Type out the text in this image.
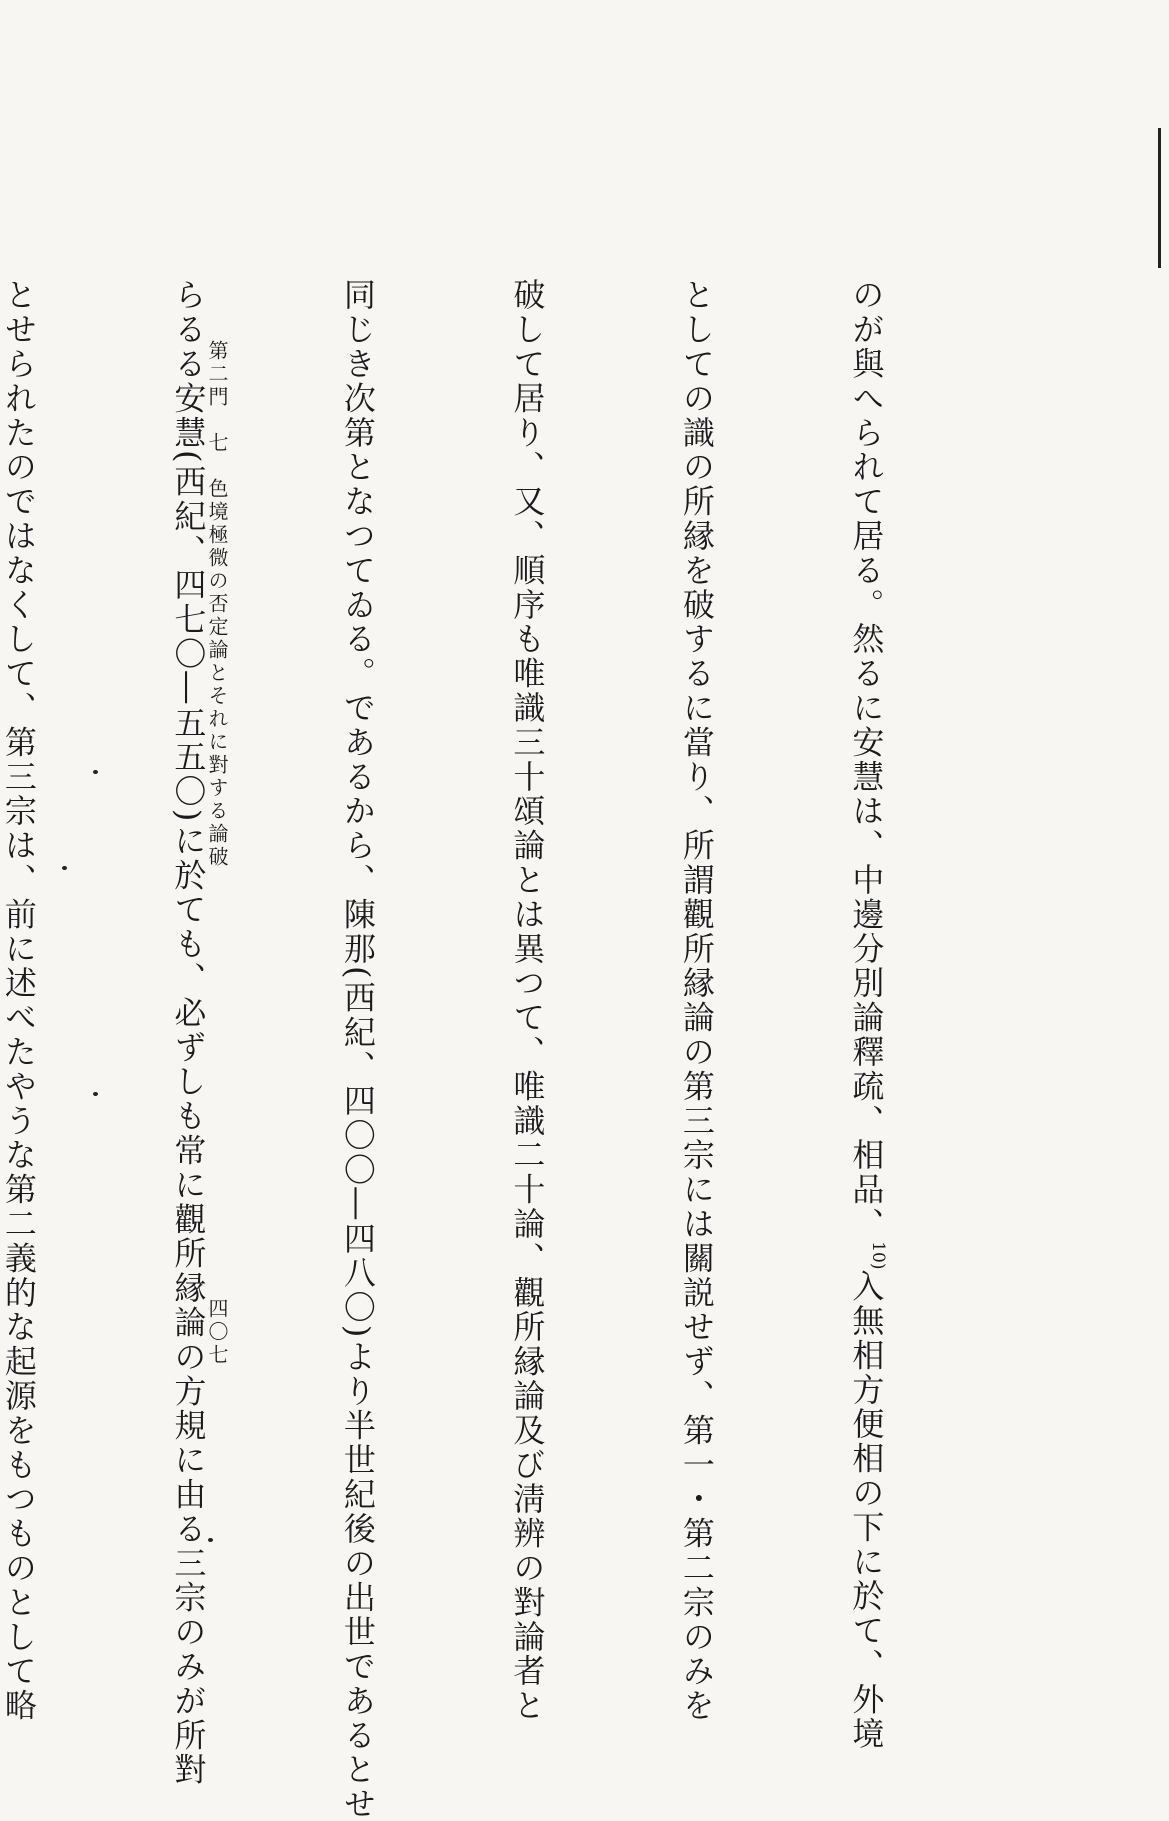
のが與へられて居る。然るに安慧は、中邊分別論釋疏、相品、$^{10)}$入無相方便相の下に於て、外境

としての識の所縁を破するに當り、所謂觀所縁論の第三宗には關説せず、第一・第二宗のみを

破して居り、又、順序も唯識三十頌論とは異つて、唯識二十論、觀所縁論及び淸辨の對論者と

同じき次第となつてゐる。であるから、陳那(西紀、四〇〇―四八〇)より半世紀後の出世であるとせ

らるる安慧(西紀、四七〇―五五〇)に於ても、必ずしも常に觀所縁論の方規に由る三宗のみが所對

とせられたのではなくして、第三宗は、前に述べたやうな第二義的な起源をもつものとして略

	第二門　七　色境極微の否定論とそれに對する論破
四〇七
